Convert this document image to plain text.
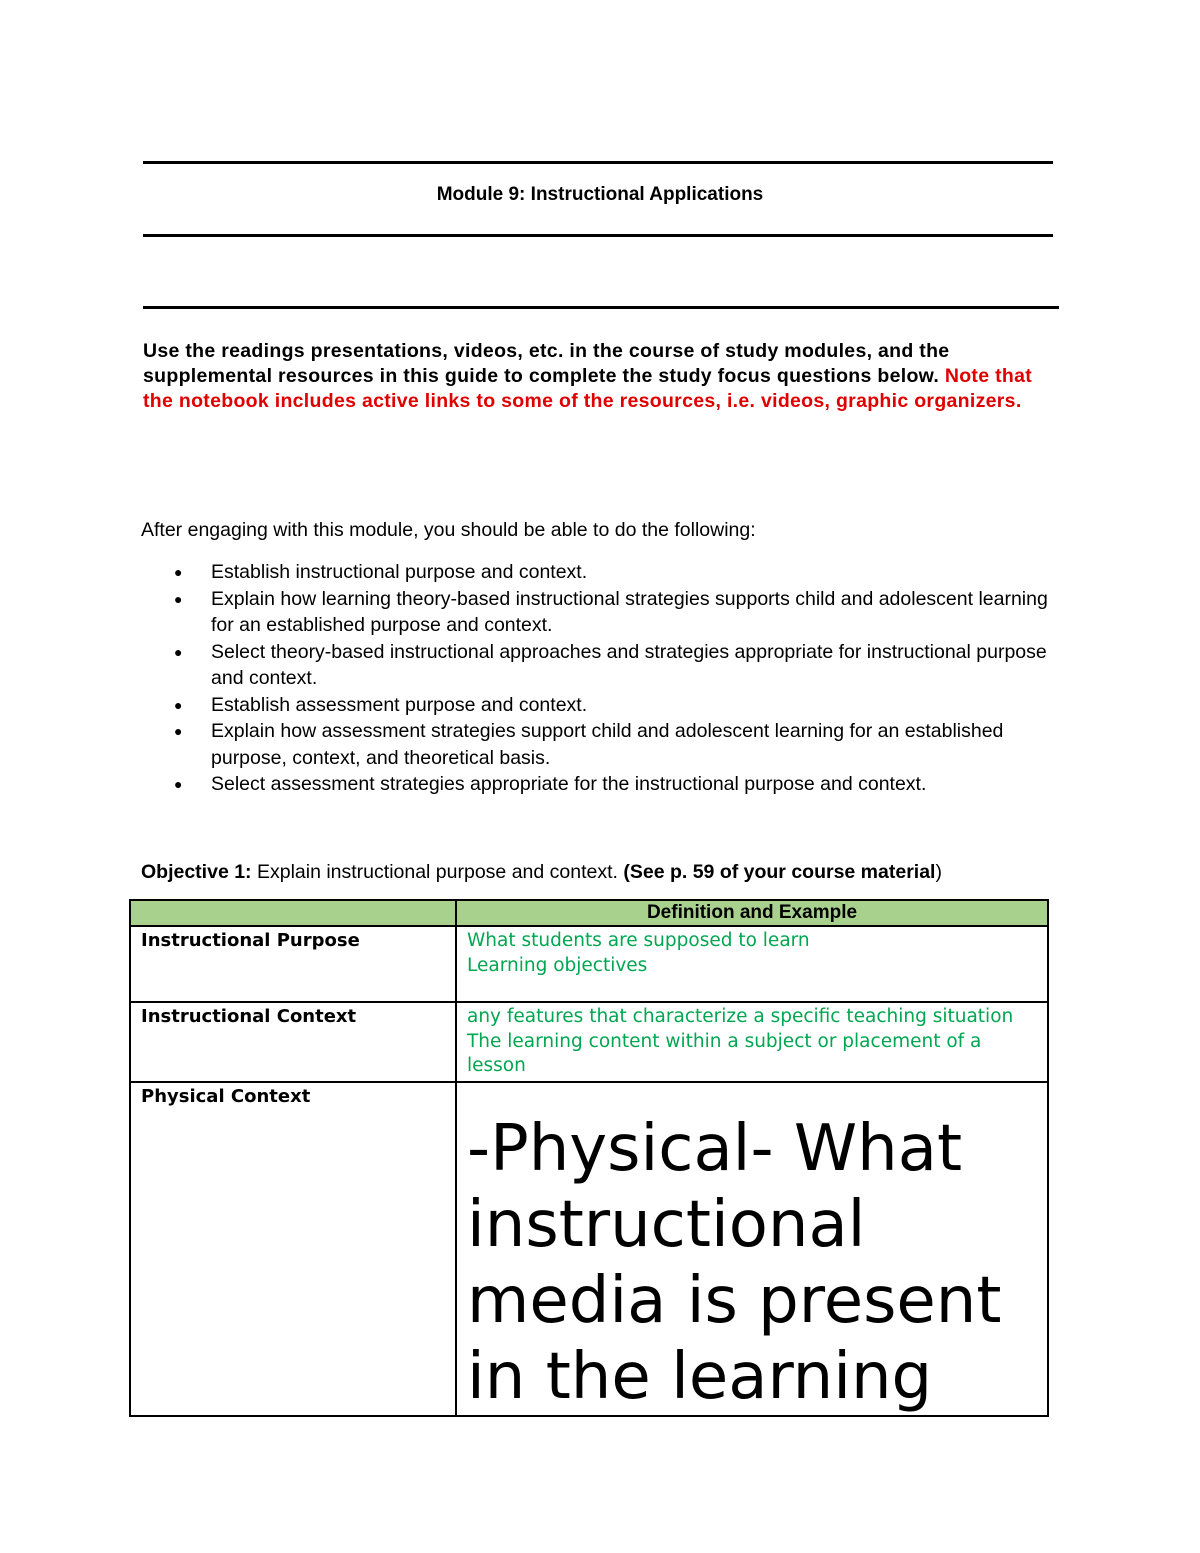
Module 9: Instructional Applications
Use the readings presentations, videos, etc. in the course of study modules, and the supplemental resources in this guide to complete the study focus questions below. Note that the notebook includes active links to some of the resources, i.e. videos, graphic organizers.
After engaging with this module, you should be able to do the following:
● Establish instructional purpose and context.
● Explain how learning theory-based instructional strategies supports child and adolescent learning for an established purpose and context.
● Select theory-based instructional approaches and strategies appropriate for instructional purpose and context.
● Establish assessment purpose and context.
● Explain how assessment strategies support child and adolescent learning for an established purpose, context, and theoretical basis.
● Select assessment strategies appropriate for the instructional purpose and context.
Objective 1: Explain instructional purpose and context. (See p. 59 of your course material)
	Definition and Example
Instructional Purpose	What students are supposed to learn
Learning objectives

Instructional Context	any features that characterize a specific teaching situation
The learning content within a subject or placement of a lesson

Physical Context	-Physical- What instructional media is present in the learning
